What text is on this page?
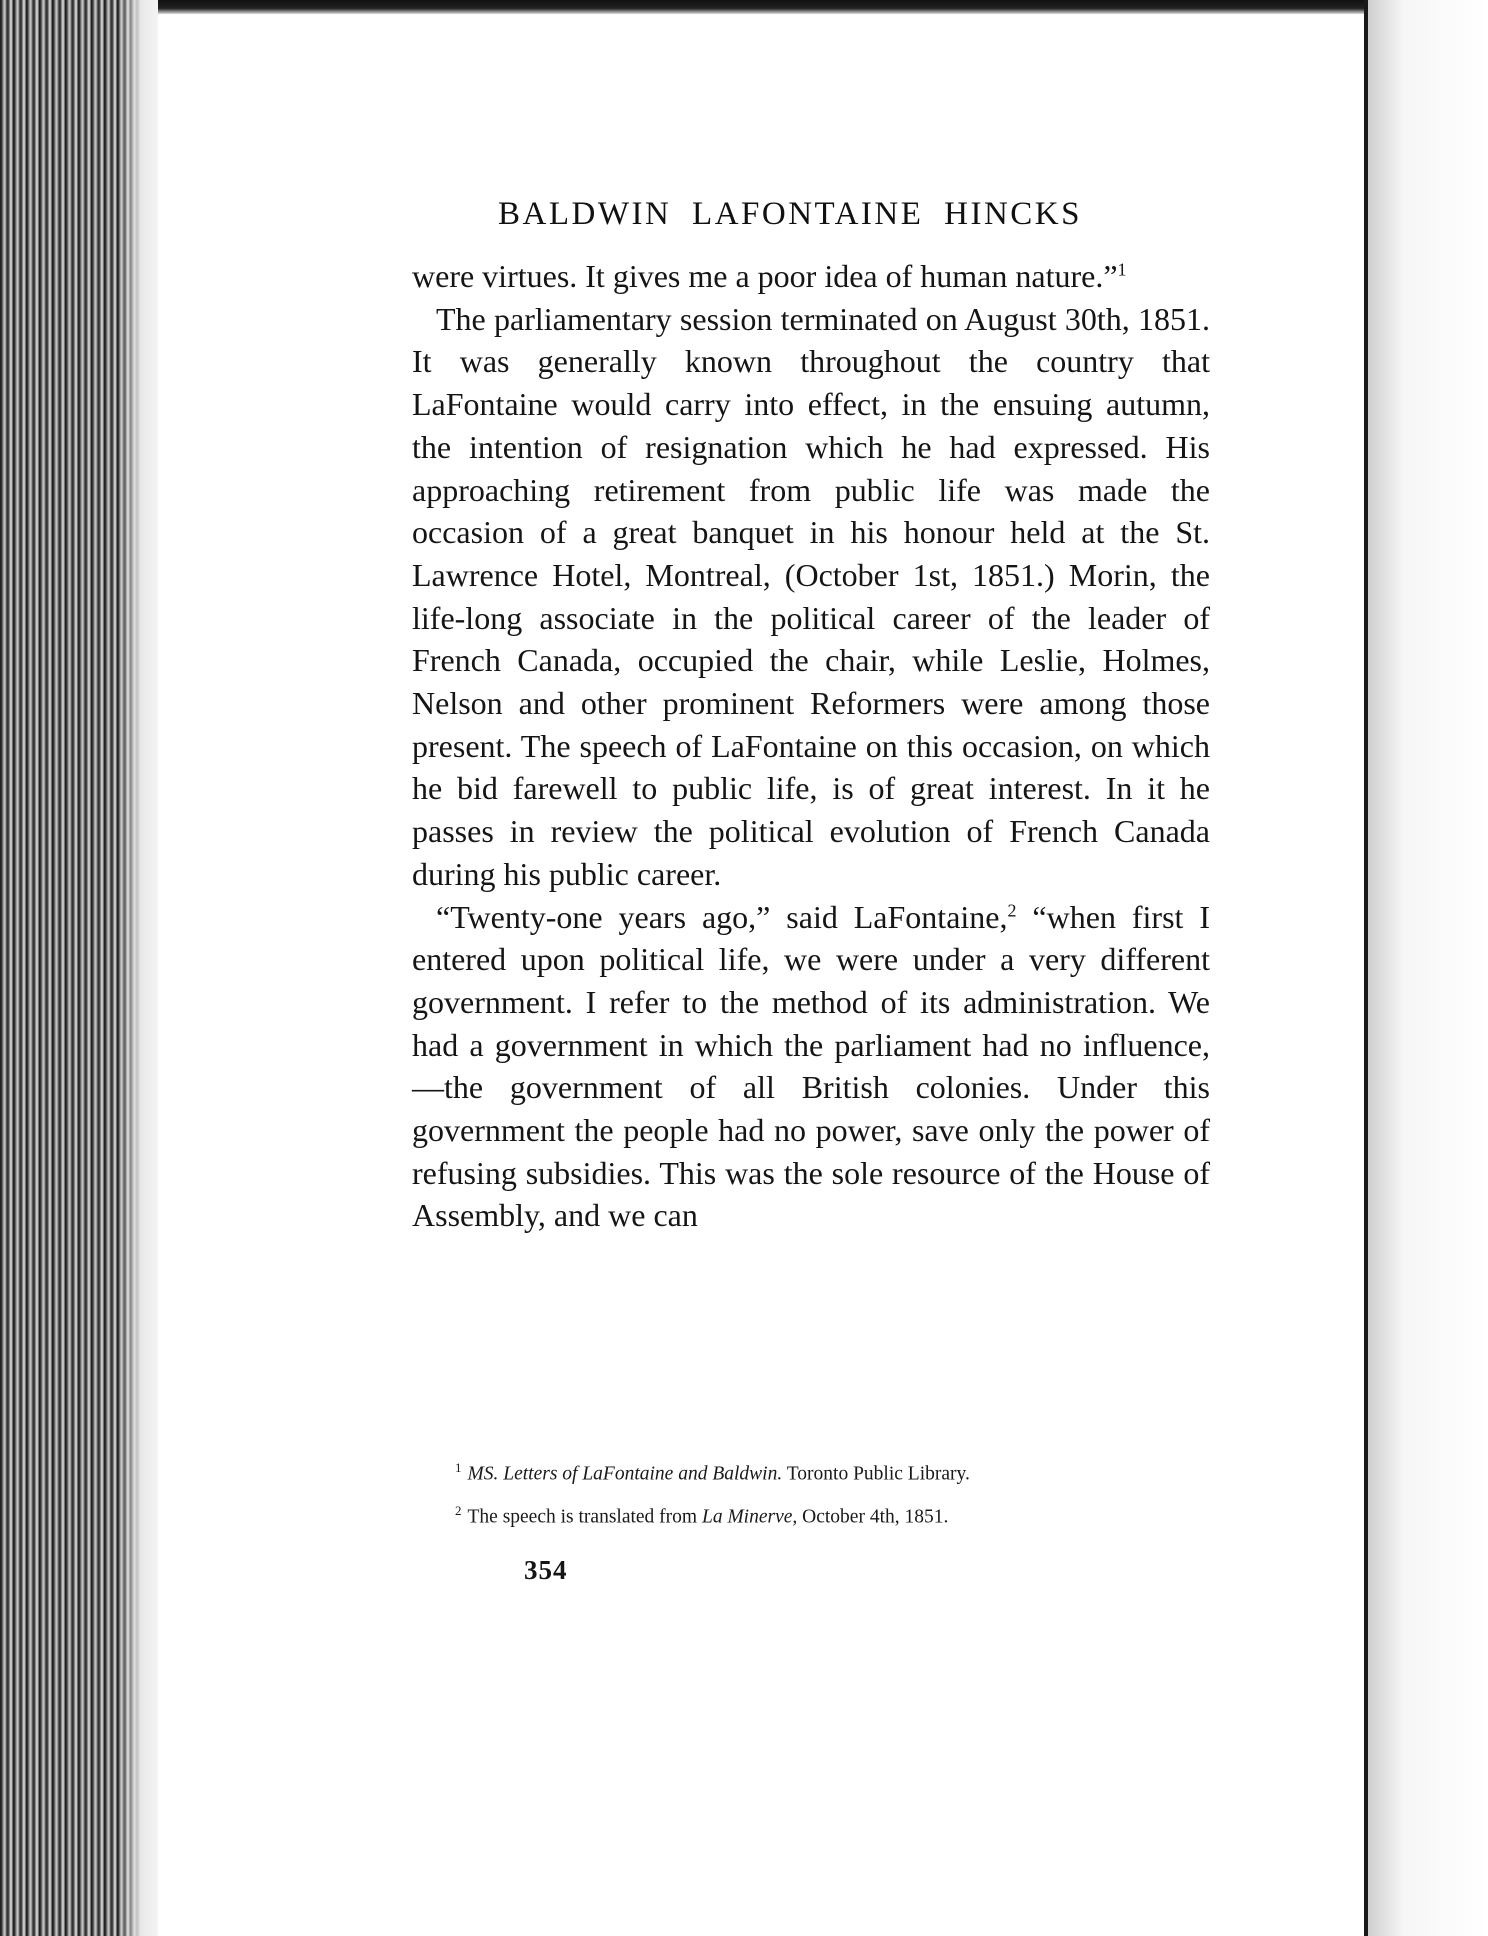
BALDWIN LAFONTAINE HINCKS

were virtues. It gives me a poor idea of human nature.”$^1$

The parliamentary session terminated on August 30th, 1851. It was generally known throughout the country that LaFontaine would carry into effect, in the ensuing autumn, the intention of resignation which he had expressed. His approaching retirement from public life was made the occasion of a great banquet in his honour held at the St. Lawrence Hotel, Montreal, (October 1st, 1851.) Morin, the life-long associate in the political career of the leader of French Canada, occupied the chair, while Leslie, Holmes, Nelson and other prominent Reformers were among those present. The speech of LaFontaine on this occasion, on which he bid farewell to public life, is of great interest. In it he passes in review the political evolution of French Canada during his public career.

“Twenty-one years ago,” said LaFontaine,$^2$ “when first I entered upon political life, we were under a very different government. I refer to the method of its administration. We had a government in which the parliament had no influence,—the government of all British colonies. Under this government the people had no power, save only the power of refusing subsidies. This was the sole resource of the House of Assembly, and we can

$^1$ MS. Letters of LaFontaine and Baldwin. Toronto Public Library.

$^2$ The speech is translated from La Minerve, October 4th, 1851.

354
